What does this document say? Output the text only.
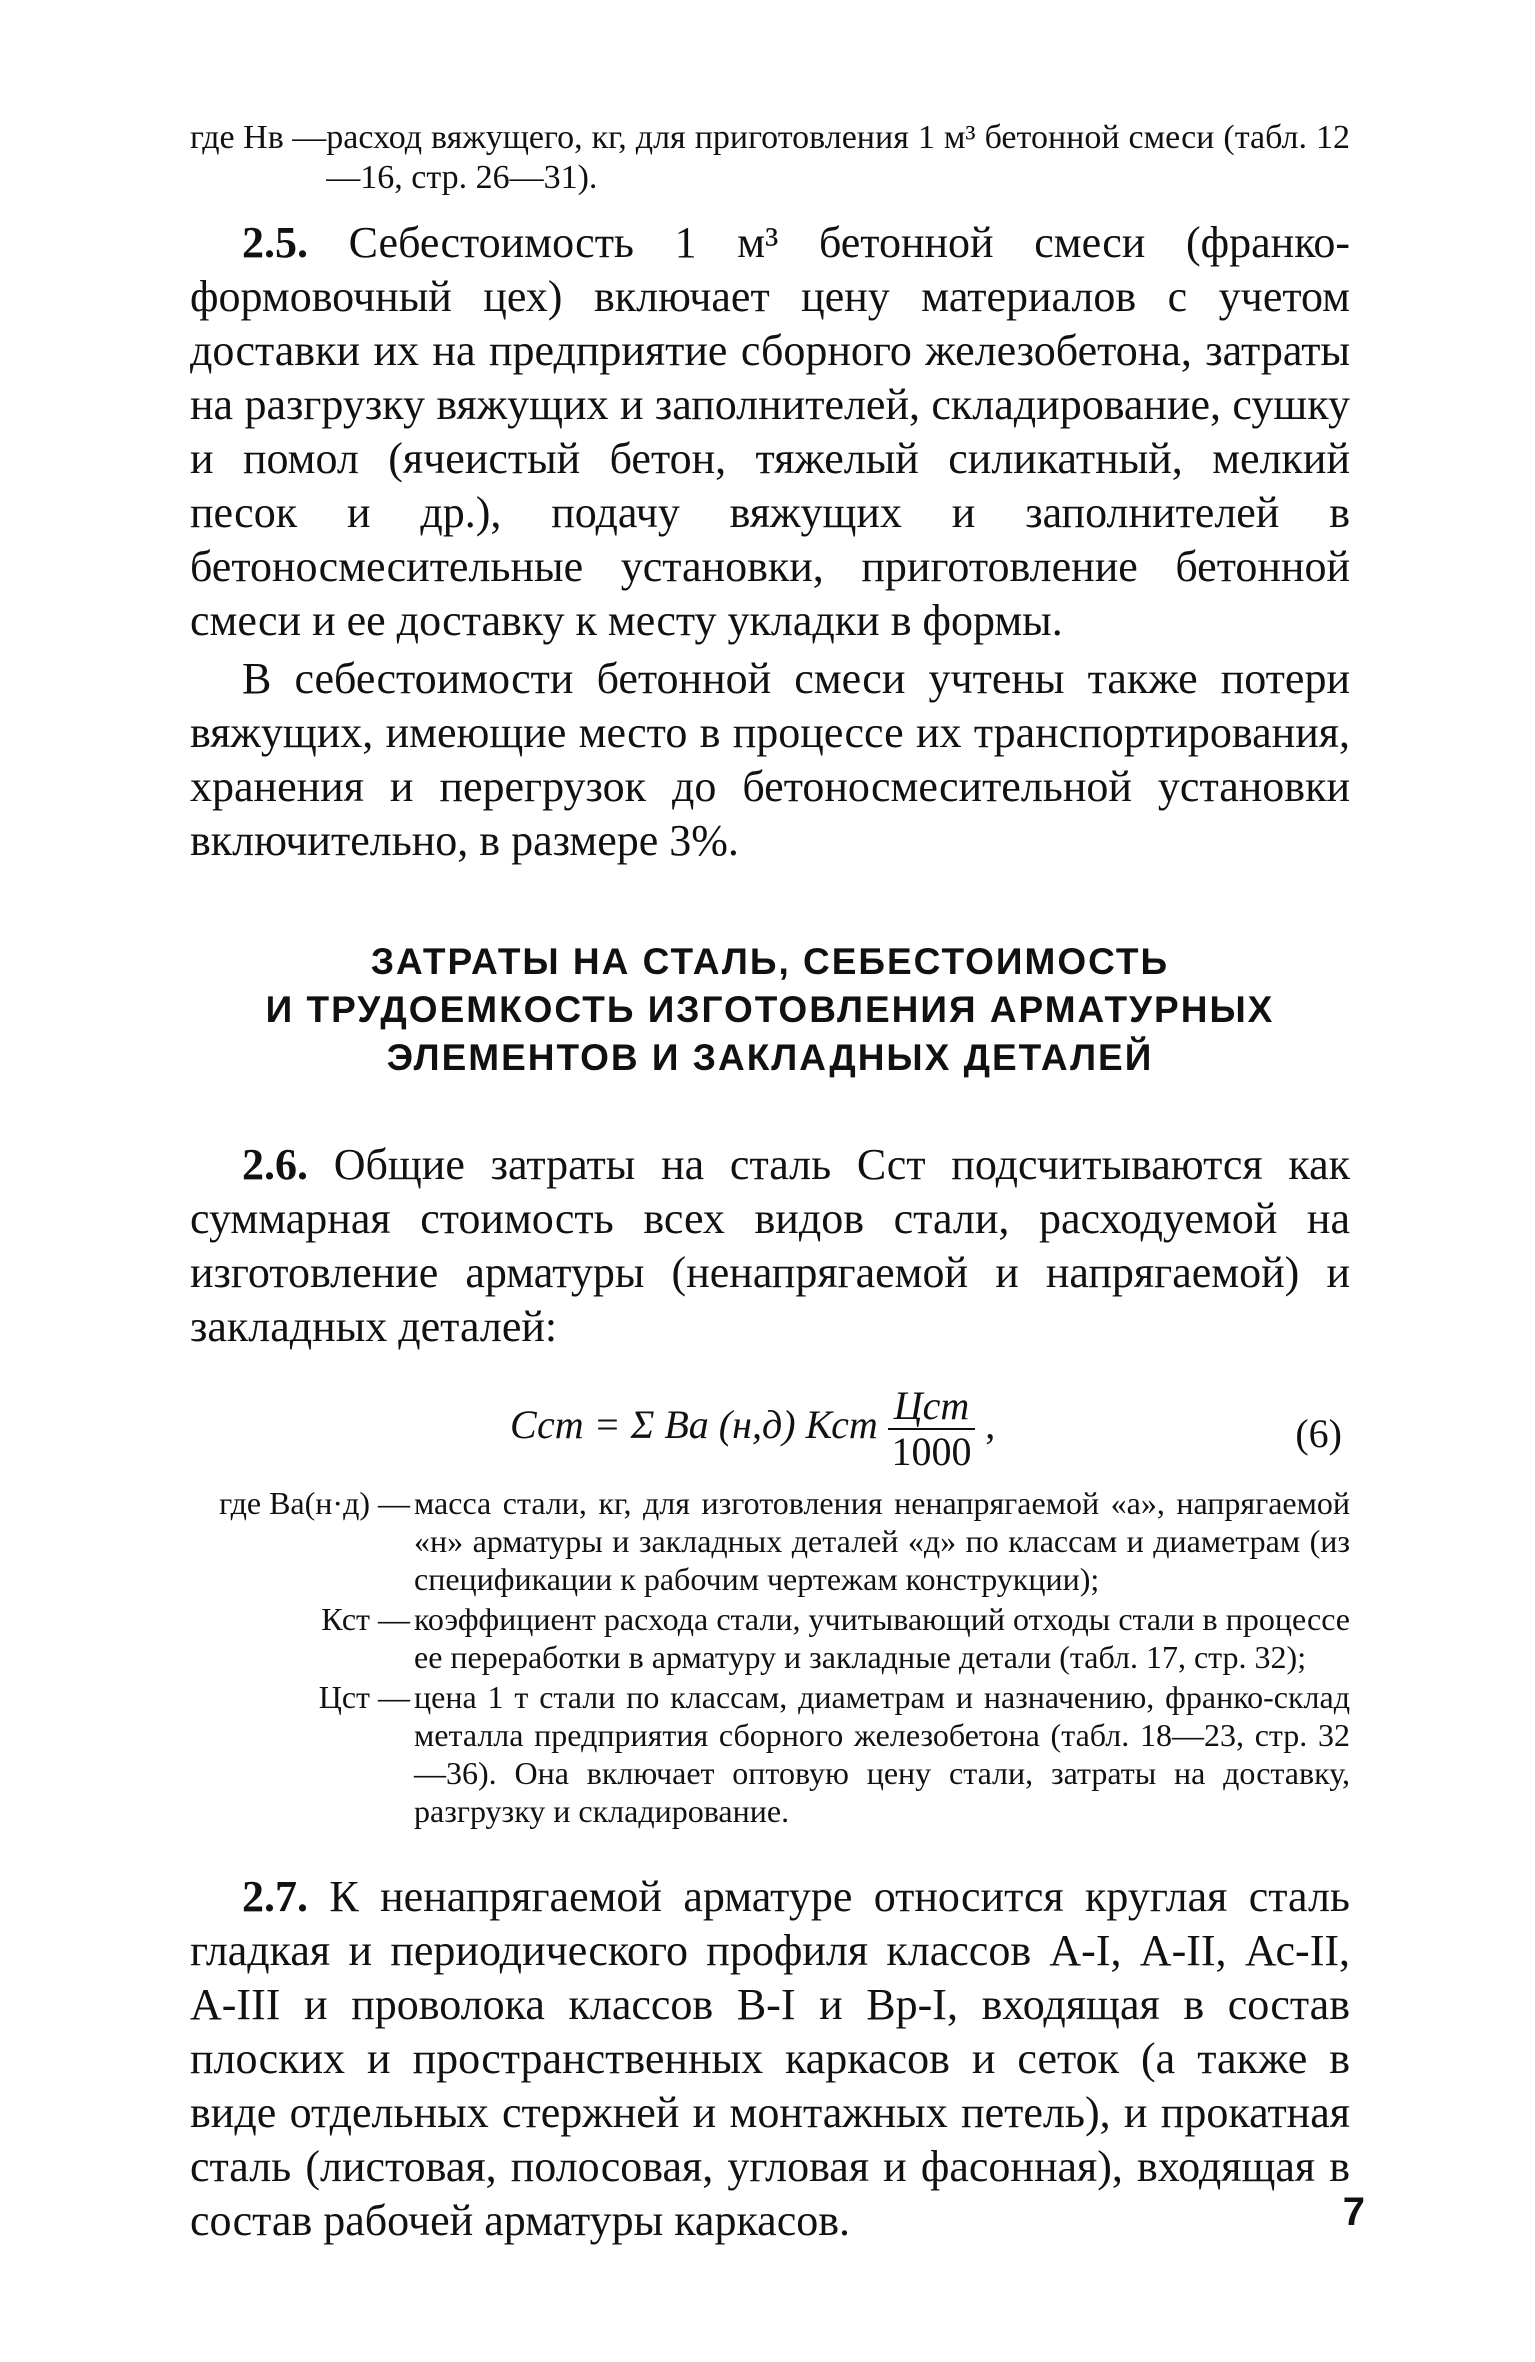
где Нв — расход вяжущего, кг, для приготовления 1 м³ бетонной смеси (табл. 12—16, стр. 26—31).

2.5. Себестоимость 1 м³ бетонной смеси (франко-формовочный цех) включает цену материалов с учетом доставки их на предприятие сборного железобетона, затраты на разгрузку вяжущих и заполнителей, складирование, сушку и помол (ячеистый бетон, тяжелый силикатный, мелкий песок и др.), подачу вяжущих и заполнителей в бетоносмесительные установки, приготовление бетонной смеси и ее доставку к месту укладки в формы.

В себестоимости бетонной смеси учтены также потери вяжущих, имеющие место в процессе их транспортирования, хранения и перегрузок до бетоносмесительной установки включительно, в размере 3%.

ЗАТРАТЫ НА СТАЛЬ, СЕБЕСТОИМОСТЬ
И ТРУДОЕМКОСТЬ ИЗГОТОВЛЕНИЯ АРМАТУРНЫХ
ЭЛЕМЕНТОВ И ЗАКЛАДНЫХ ДЕТАЛЕЙ

2.6. Общие затраты на сталь Сст подсчитываются как суммарная стоимость всех видов стали, расходуемой на изготовление арматуры (ненапрягаемой и напрягаемой) и закладных деталей:

Сст = Σ Ва (н,д) Кст $\frac{\text{Цст}}{1000}$ ,	(6)
где Ва(н·д) — масса стали, кг, для изготовления ненапрягаемой «а», напрягаемой «н» арматуры и закладных деталей «д» по классам и диаметрам (из спецификации к рабочим чертежам конструкции);
Кст — коэффициент расхода стали, учитывающий отходы стали в процессе ее переработки в арматуру и закладные детали (табл. 17, стр. 32);
Цст — цена 1 т стали по классам, диаметрам и назначению, франко-склад металла предприятия сборного железобетона (табл. 18—23, стр. 32—36). Она включает оптовую цену стали, затраты на доставку, разгрузку и складирование.

2.7. К ненапрягаемой арматуре относится круглая сталь гладкая и периодического профиля классов А-I, А-II, Ас-II, А-III и проволока классов В-I и Вр-I, входящая в состав плоских и пространственных каркасов и сеток (а также в виде отдельных стержней и монтажных петель), и прокатная сталь (листовая, полосовая, угловая и фасонная), входящая в состав рабочей арматуры каркасов.	7
